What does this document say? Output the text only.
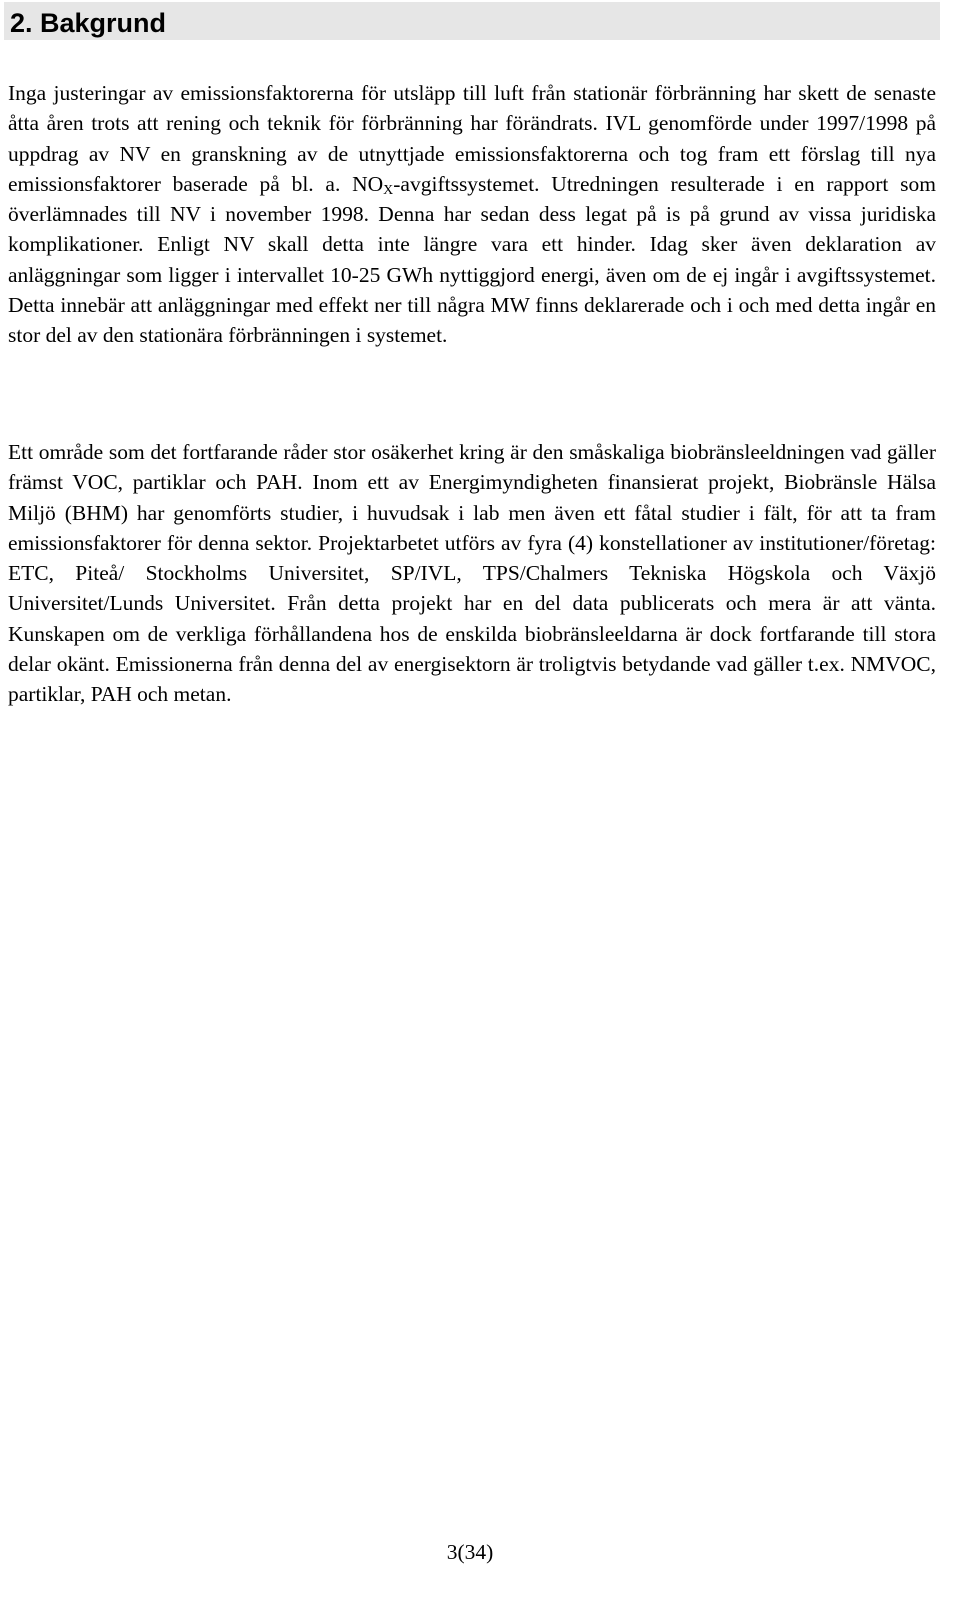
2. Bakgrund

Inga justeringar av emissionsfaktorerna för utsläpp till luft från stationär förbränning har skett de senaste åtta åren trots att rening och teknik för förbränning har förändrats. IVL genomförde under 1997/1998 på uppdrag av NV en granskning av de utnyttjade emissionsfaktorerna och tog fram ett förslag till nya emissionsfaktorer baserade på bl. a. $NO_X$-avgiftssystemet. Utredningen resulterade i en rapport som överlämnades till NV i november 1998. Denna har sedan dess legat på is på grund av vissa juridiska komplikationer. Enligt NV skall detta inte längre vara ett hinder. Idag sker även deklaration av anläggningar som ligger i intervallet 10-25 GWh nyttiggjord energi, även om de ej ingår i avgiftssystemet. Detta innebär att anläggningar med effekt ner till några MW finns deklarerade och i och med detta ingår en stor del av den stationära förbränningen i systemet.

Ett område som det fortfarande råder stor osäkerhet kring är den småskaliga biobränsleeldningen vad gäller främst VOC, partiklar och PAH. Inom ett av Energimyndigheten finansierat projekt, Biobränsle Hälsa Miljö (BHM) har genomförts studier, i huvudsak i lab men även ett fåtal studier i fält, för att ta fram emissionsfaktorer för denna sektor. Projektarbetet utförs av fyra (4) konstellationer av institutioner/företag: ETC, Piteå/ Stockholms Universitet, SP/IVL, TPS/Chalmers Tekniska Högskola och Växjö Universitet/Lunds Universitet. Från detta projekt har en del data publicerats och mera är att vänta. Kunskapen om de verkliga förhållandena hos de enskilda biobränsleeldarna är dock fortfarande till stora delar okänt. Emissionerna från denna del av energisektorn är troligtvis betydande vad gäller t.ex. NMVOC, partiklar, PAH och metan.

3(34)
